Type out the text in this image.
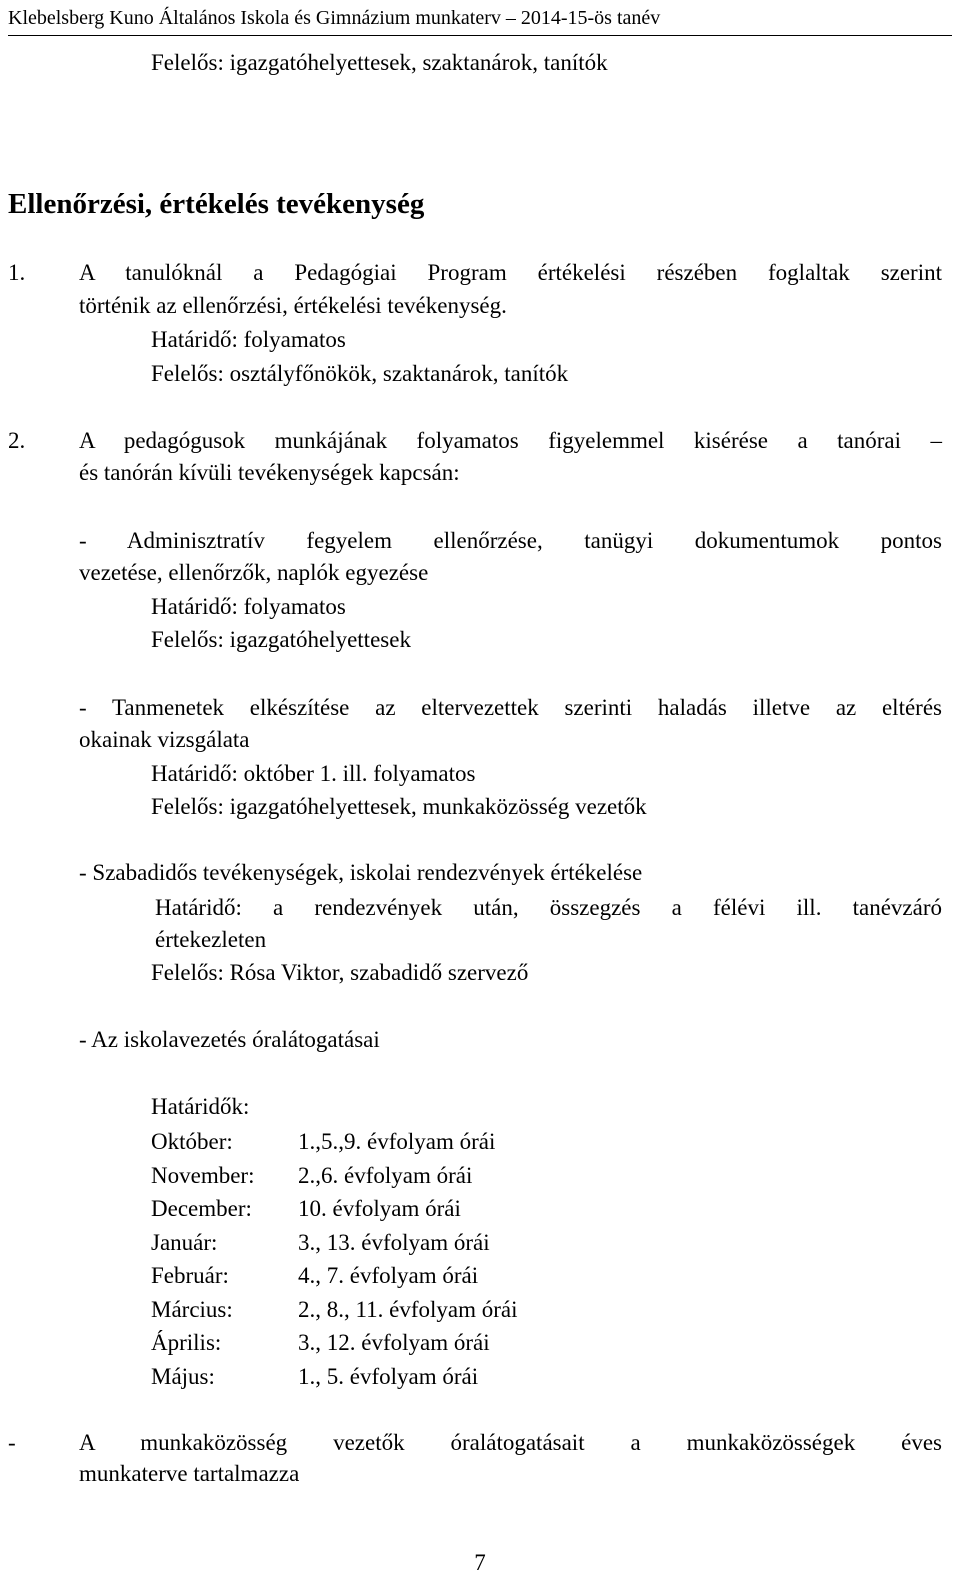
Klebelsberg Kuno Általános Iskola és Gimnázium munkaterv – 2014-15-ös tanév
Felelős: igazgatóhelyettesek, szaktanárok, tanítók
Ellenőrzési, értékelés tevékenység
1. A tanulóknál a Pedagógiai Program értékelési részében foglaltak szerint
történik az ellenőrzési, értékelési tevékenység.
Határidő: folyamatos
Felelős: osztályfőnökök, szaktanárok, tanítók
2. A pedagógusok munkájának folyamatos figyelemmel kisérése a tanórai –
és tanórán kívüli tevékenységek kapcsán:
- Adminisztratív fegyelem ellenőrzése, tanügyi dokumentumok pontos
vezetése, ellenőrzők, naplók egyezése
Határidő: folyamatos
Felelős: igazgatóhelyettesek
- Tanmenetek elkészítése az eltervezettek szerinti haladás illetve az eltérés
okainak vizsgálata
Határidő: október 1. ill. folyamatos
Felelős: igazgatóhelyettesek, munkaközösség vezetők
- Szabadidős tevékenységek, iskolai rendezvények értékelése
Határidő: a rendezvények után, összegzés a félévi ill. tanévzáró
értekezleten
Felelős: Rósa Viktor, szabadidő szervező
- Az iskolavezetés óralátogatásai
Határidők:
Október:	1.,5.,9. évfolyam órái
November: 2.,6. évfolyam órái
December: 10. évfolyam órái
Január:	3., 13. évfolyam órái
Február:	4., 7. évfolyam órái
Március:	2., 8., 11. évfolyam órái
Április:	3., 12. évfolyam órái
Május:	1., 5. évfolyam órái
-	A munkaközösség vezetők óralátogatásait a munkaközösségek éves
munkaterve tartalmazza
7
